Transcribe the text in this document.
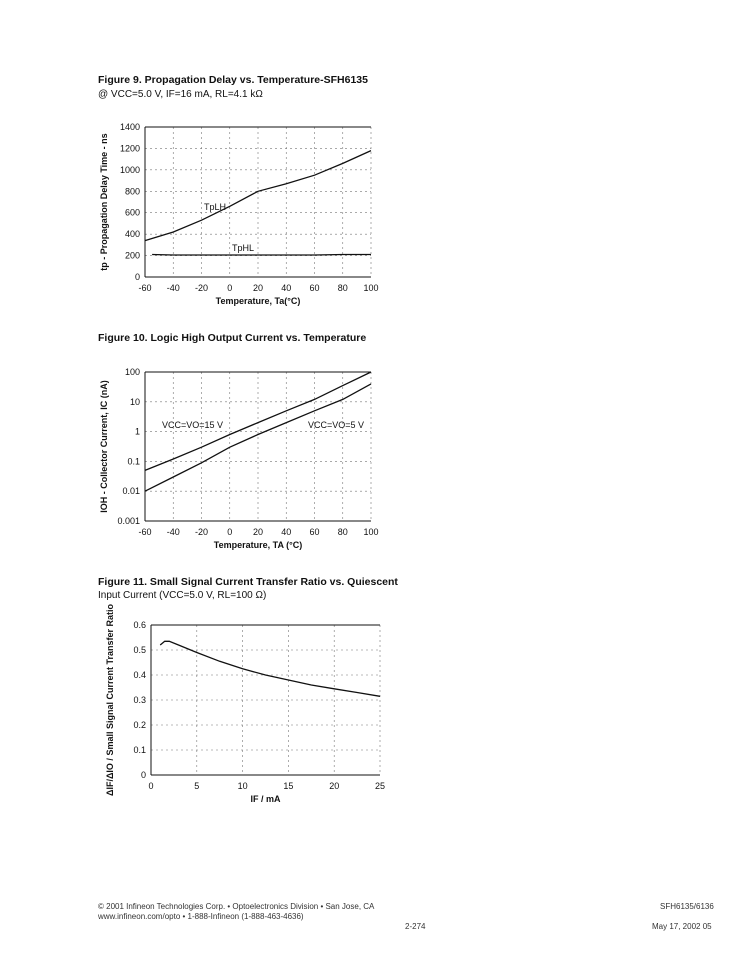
Figure 9. Propagation Delay vs. Temperature-SFH6135
@ VCC=5.0 V, IF=16 mA, RL=4.1 kΩ
Figure 10. Logic High Output Current vs. Temperature
Figure 11. Small Signal Current Transfer Ratio vs. Quiescent
Input Current (VCC=5.0 V, RL=100 Ω)
-60 -40 -20 0 20 40 60 80 100
0
200
400
600
800
1000
1200
1400
Temperature, Ta(°C)
tp - Propagation Delay Time - ns
-60 -40 -20 0 20 40 60 80 100
0.001
0.01
0.1
1
10
100
Temperature, TA (°C)
IOH - Collector Current, IC (nA)
0	5	10	15	20	25
0
0.1
0.2
0.3
0.4
0.5
0.6
IF / mA
ΔIF/ΔIO / Small Signal Current Transfer Ratio
TpLH
TpHL
VCC=VO=15 V	VCC=VO=5 V
© 2001 Infineon Technologies Corp. • Optoelectronics Division • San Jose, CA
www.infineon.com/opto • 1-888-Infineon (1-888-463-4636)
2-274
SFH6135/6136
May 17, 2002 05
